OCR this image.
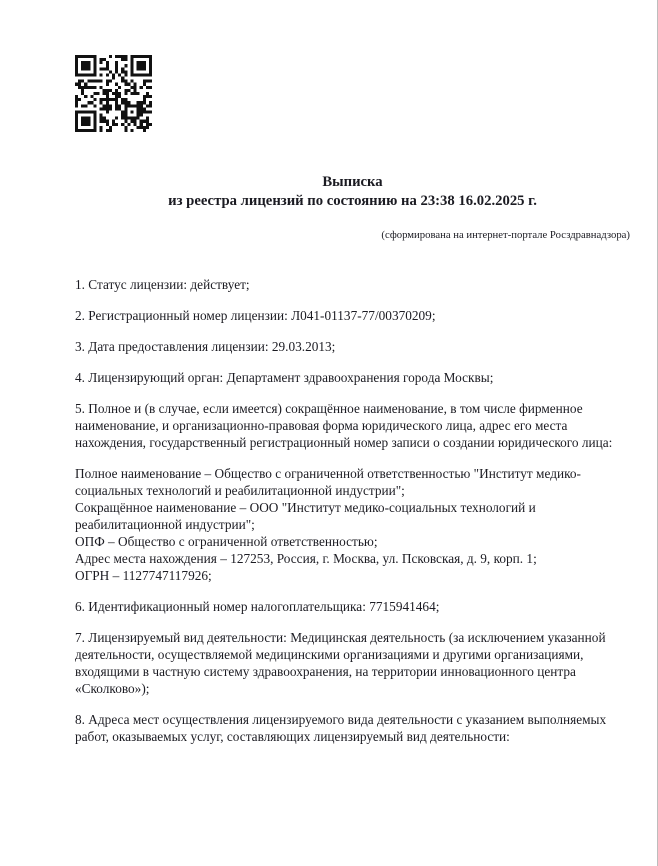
Выписка
из реестра лицензий по состоянию на 23:38 16.02.2025 г.
(сформирована на интернет-портале Росздравнадзора)

1. Статус лицензии: действует;

2. Регистрационный номер лицензии: Л041-01137-77/00370209;

3. Дата предоставления лицензии: 29.03.2013;

4. Лицензирующий орган: Департамент здравоохранения города Москвы;

5. Полное и (в случае, если имеется) сокращённое наименование, в том числе фирменное наименование, и организационно-правовая форма юридического лица, адрес его места нахождения, государственный регистрационный номер записи о создании юридического лица:

Полное наименование – Общество с ограниченной ответственностью "Институт медико-социальных технологий и реабилитационной индустрии";
Сокращённое наименование – ООО "Институт медико-социальных технологий и реабилитационной индустрии";
ОПФ – Общество с ограниченной ответственностью;
Адрес места нахождения – 127253, Россия, г. Москва, ул. Псковская, д. 9, корп. 1;
ОГРН – 1127747117926;

6. Идентификационный номер налогоплательщика: 7715941464;

7. Лицензируемый вид деятельности: Медицинская деятельность (за исключением указанной деятельности, осуществляемой медицинскими организациями и другими организациями, входящими в частную систему здравоохранения, на территории инновационного центра «Сколково»);

8. Адреса мест осуществления лицензируемого вида деятельности с указанием выполняемых работ, оказываемых услуг, составляющих лицензируемый вид деятельности:
